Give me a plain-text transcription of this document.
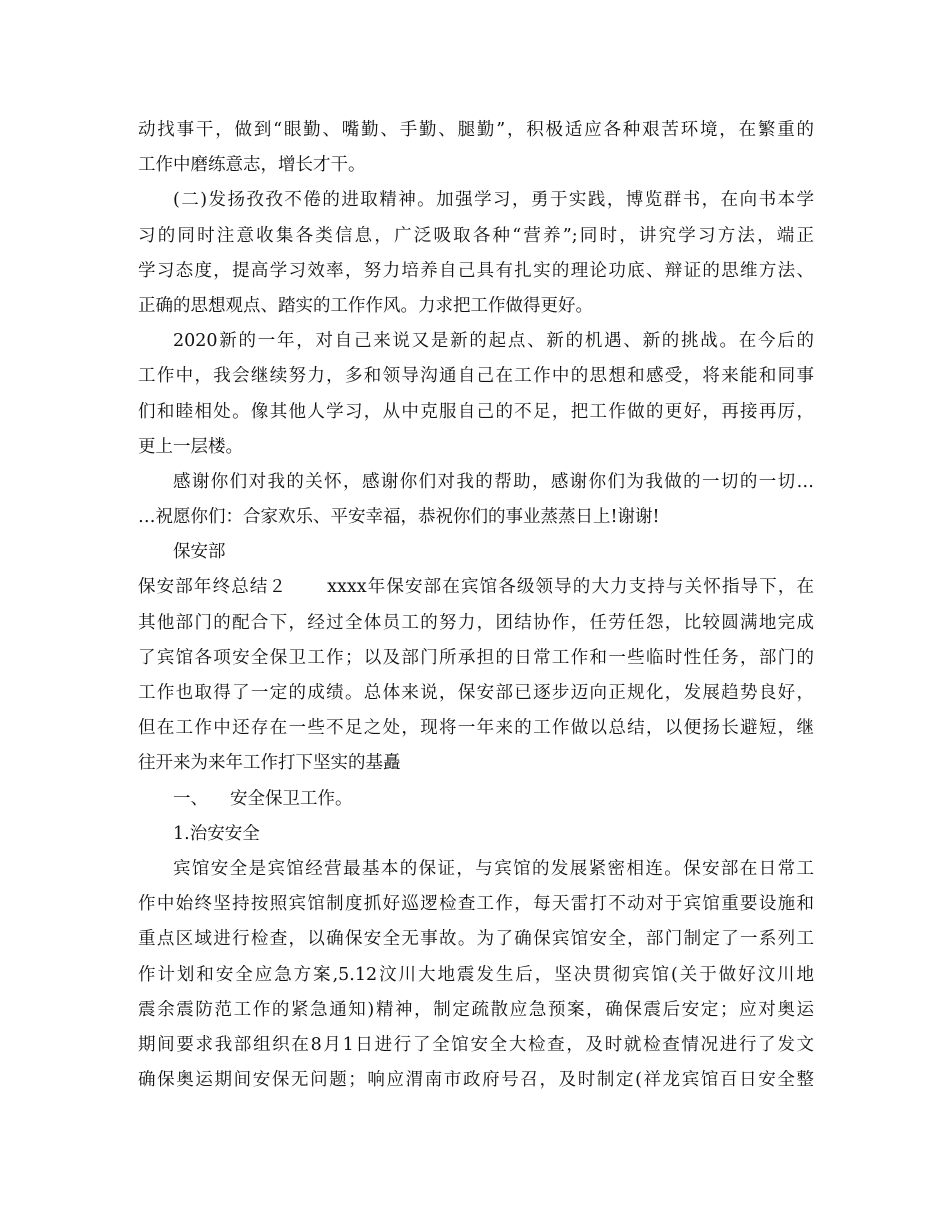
动找事干，做到“眼勤、嘴勤、手勤、腿勤”，积极适应各种艰苦环境，在繁重的
工作中磨练意志，增长才干。
(二)发扬孜孜不倦的进取精神。加强学习，勇于实践，博览群书，在向书本学
习的同时注意收集各类信息，广泛吸取各种“营养”;同时，讲究学习方法，端正
学习态度，提高学习效率，努力培养自己具有扎实的理论功底、辩证的思维方法、
正确的思想观点、踏实的工作作风。力求把工作做得更好。
2020新的一年，对自己来说又是新的起点、新的机遇、新的挑战。在今后的
工作中，我会继续努力，多和领导沟通自己在工作中的思想和感受，将来能和同事
们和睦相处。像其他人学习，从中克服自己的不足，把工作做的更好，再接再厉，
更上一层楼。
感谢你们对我的关怀，感谢你们对我的帮助，感谢你们为我做的一切的一切…
…祝愿你们：合家欢乐、平安幸福，恭祝你们的事业蒸蒸日上!谢谢!
保安部
保安部年终总结２ xxxx年保安部在宾馆各级领导的大力支持与关怀指导下，在
其他部门的配合下，经过全体员工的努力，团结协作，任劳任怨，比较圆满地完成
了宾馆各项安全保卫工作；以及部门所承担的日常工作和一些临时性任务，部门的
工作也取得了一定的成绩。总体来说，保安部已逐步迈向正规化，发展趋势良好，
但在工作中还存在一些不足之处，现将一年来的工作做以总结，以便扬长避短，继
往开来为来年工作打下坚实的基矗
一、 安全保卫工作。
1.治安安全
宾馆安全是宾馆经营最基本的保证，与宾馆的发展紧密相连。保安部在日常工
作中始终坚持按照宾馆制度抓好巡逻检查工作，每天雷打不动对于宾馆重要设施和
重点区域进行检查，以确保安全无事故。为了确保宾馆安全，部门制定了一系列工
作计划和安全应急方案,5.12汶川大地震发生后，坚决贯彻宾馆(关于做好汶川地
震余震防范工作的紧急通知)精神，制定疏散应急预案，确保震后安定；应对奥运
期间要求我部组织在8月1日进行了全馆安全大检查，及时就检查情况进行了发文
确保奥运期间安保无问题；响应渭南市政府号召，及时制定(祥龙宾馆百日安全整
